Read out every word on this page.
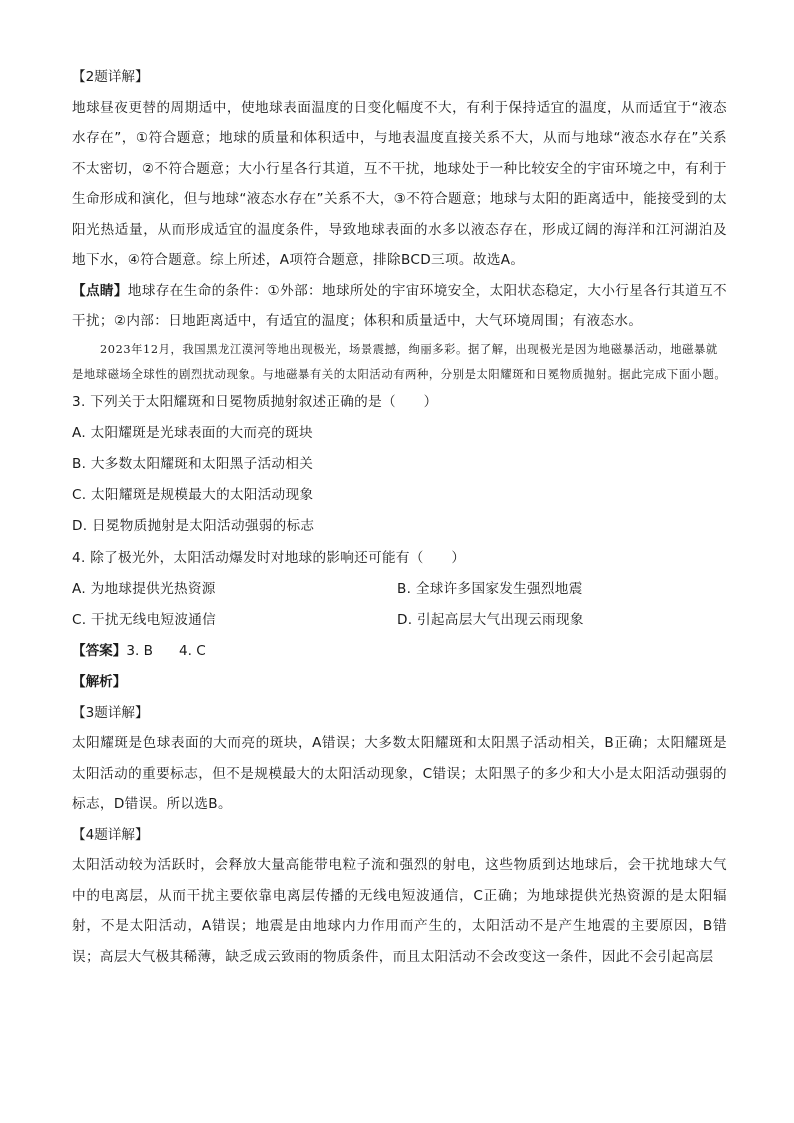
【2题详解】

地球昼夜更替的周期适中，使地球表面温度的日变化幅度不大，有利于保持适宜的温度，从而适宜于“液态水存在”，①符合题意；地球的质量和体积适中，与地表温度直接关系不大，从而与地球“液态水存在”关系不太密切，②不符合题意；大小行星各行其道，互不干扰，地球处于一种比较安全的宇宙环境之中，有利于生命形成和演化，但与地球“液态水存在”关系不大，③不符合题意；地球与太阳的距离适中，能接受到的太阳光热适量，从而形成适宜的温度条件，导致地球表面的水多以液态存在，形成辽阔的海洋和江河湖泊及地下水，④符合题意。综上所述，A项符合题意，排除BCD三项。故选A。

【点睛】地球存在生命的条件：①外部：地球所处的宇宙环境安全，太阳状态稳定，大小行星各行其道互不干扰；②内部：日地距离适中，有适宜的温度；体积和质量适中，大气环境周围；有液态水。

2023年12月，我国黑龙江漠河等地出现极光，场景震撼，绚丽多彩。据了解，出现极光是因为地磁暴活动，地磁暴就是地球磁场全球性的剧烈扰动现象。与地磁暴有关的太阳活动有两种，分别是太阳耀斑和日冕物质抛射。据此完成下面小题。

3. 下列关于太阳耀斑和日冕物质抛射叙述正确的是（　　）

A. 太阳耀斑是光球表面的大而亮的斑块

B. 大多数太阳耀斑和太阳黑子活动相关

C. 太阳耀斑是规模最大的太阳活动现象

D. 日冕物质抛射是太阳活动强弱的标志

4. 除了极光外，太阳活动爆发时对地球的影响还可能有（　　）

A. 为地球提供光热资源	B. 全球许多国家发生强烈地震
C. 干扰无线电短波通信	D. 引起高层大气出现云雨现象

【答案】3. B 4. C

【解析】

【3题详解】

太阳耀斑是色球表面的大而亮的斑块，A错误；大多数太阳耀斑和太阳黑子活动相关，B正确；太阳耀斑是太阳活动的重要标志，但不是规模最大的太阳活动现象，C错误；太阳黑子的多少和大小是太阳活动强弱的标志，D错误。所以选B。

【4题详解】

太阳活动较为活跃时，会释放大量高能带电粒子流和强烈的射电，这些物质到达地球后，会干扰地球大气中的电离层，从而干扰主要依靠电离层传播的无线电短波通信，C正确；为地球提供光热资源的是太阳辐射，不是太阳活动，A错误；地震是由地球内力作用而产生的，太阳活动不是产生地震的主要原因，B错误；高层大气极其稀薄，缺乏成云致雨的物质条件，而且太阳活动不会改变这一条件，因此不会引起高层
